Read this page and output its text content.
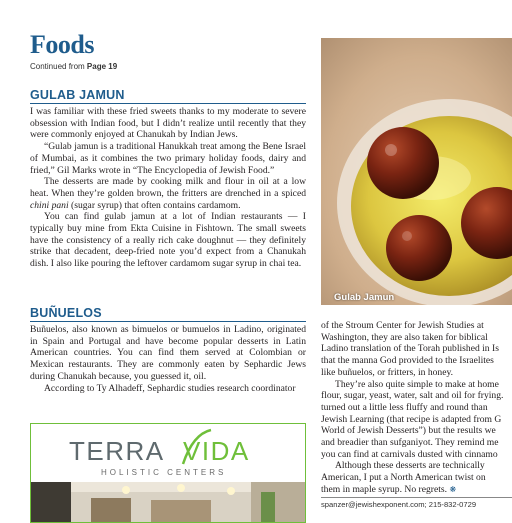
Foods
Continued from Page 19
GULAB JAMUN

I was familiar with these fried sweets thanks to my moderate to severe obsession with Indian food, but I didn’t realize until recently that they were commonly enjoyed at Chanukah by Indian Jews.

“Gulab jamun is a traditional Hanukkah treat among the Bene Israel of Mumbai, as it combines the two primary holiday foods, dairy and fried,” Gil Marks wrote in “The Encyclopedia of Jewish Food.”

The desserts are made by cooking milk and flour in oil at a low heat. When they’re golden brown, the fritters are drenched in a spiced chini pani (sugar syrup) that often contains cardamom.

You can find gulab jamun at a lot of Indian restaurants — I typically buy mine from Ekta Cuisine in Fishtown. The small sweets have the consistency of a really rich cake doughnut — they definitely strike that decadent, deep-fried note you’d expect from a Chanukah dish. I also like pouring the leftover cardamom sugar syrup in chai tea.

BUÑUELOS

Buñuelos, also known as bimuelos or bumuelos in Ladino, originated in Spain and Portugal and have become popular desserts in Latin American countries. You can find them served at Colombian or Mexican restaurants. They are commonly eaten by Sephardic Jews during Chanukah because, you guessed it, oil.

According to Ty Alhadeff, Sephardic studies research coordinator

Gulab Jamun

of the Stroum Center for Jewish Studies at

Washington, they are also taken for biblical

Ladino translation of the Torah published in Is

that the manna God provided to the Israelites

like buñuelos, or fritters, in honey.

They’re also quite simple to make at home

flour, sugar, yeast, water, salt and oil for frying.

turned out a little less fluffy and round than

Jewish Learning (that recipe is adapted from G

World of Jewish Desserts”) but the results we

and breadier than sufganiyot. They remind me

you can find at carnivals dusted with cinnamo

Although these desserts are technically

American, I put a North American twist on

them in maple syrup. No regrets. ❋

TERRA VIDA
HOLISTIC CENTERS
spanzer@jewishexponent.com; 215-832-0729
